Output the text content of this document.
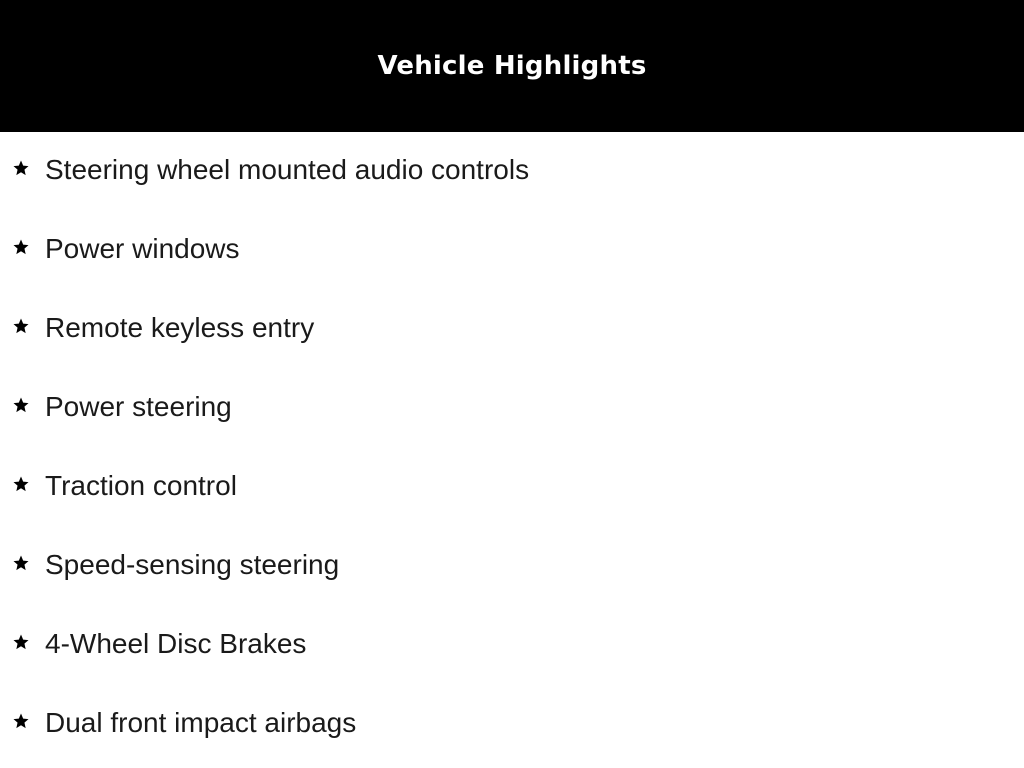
Vehicle Highlights
Steering wheel mounted audio controls
Power windows
Remote keyless entry
Power steering
Traction control
Speed-sensing steering
4-Wheel Disc Brakes
Dual front impact airbags
